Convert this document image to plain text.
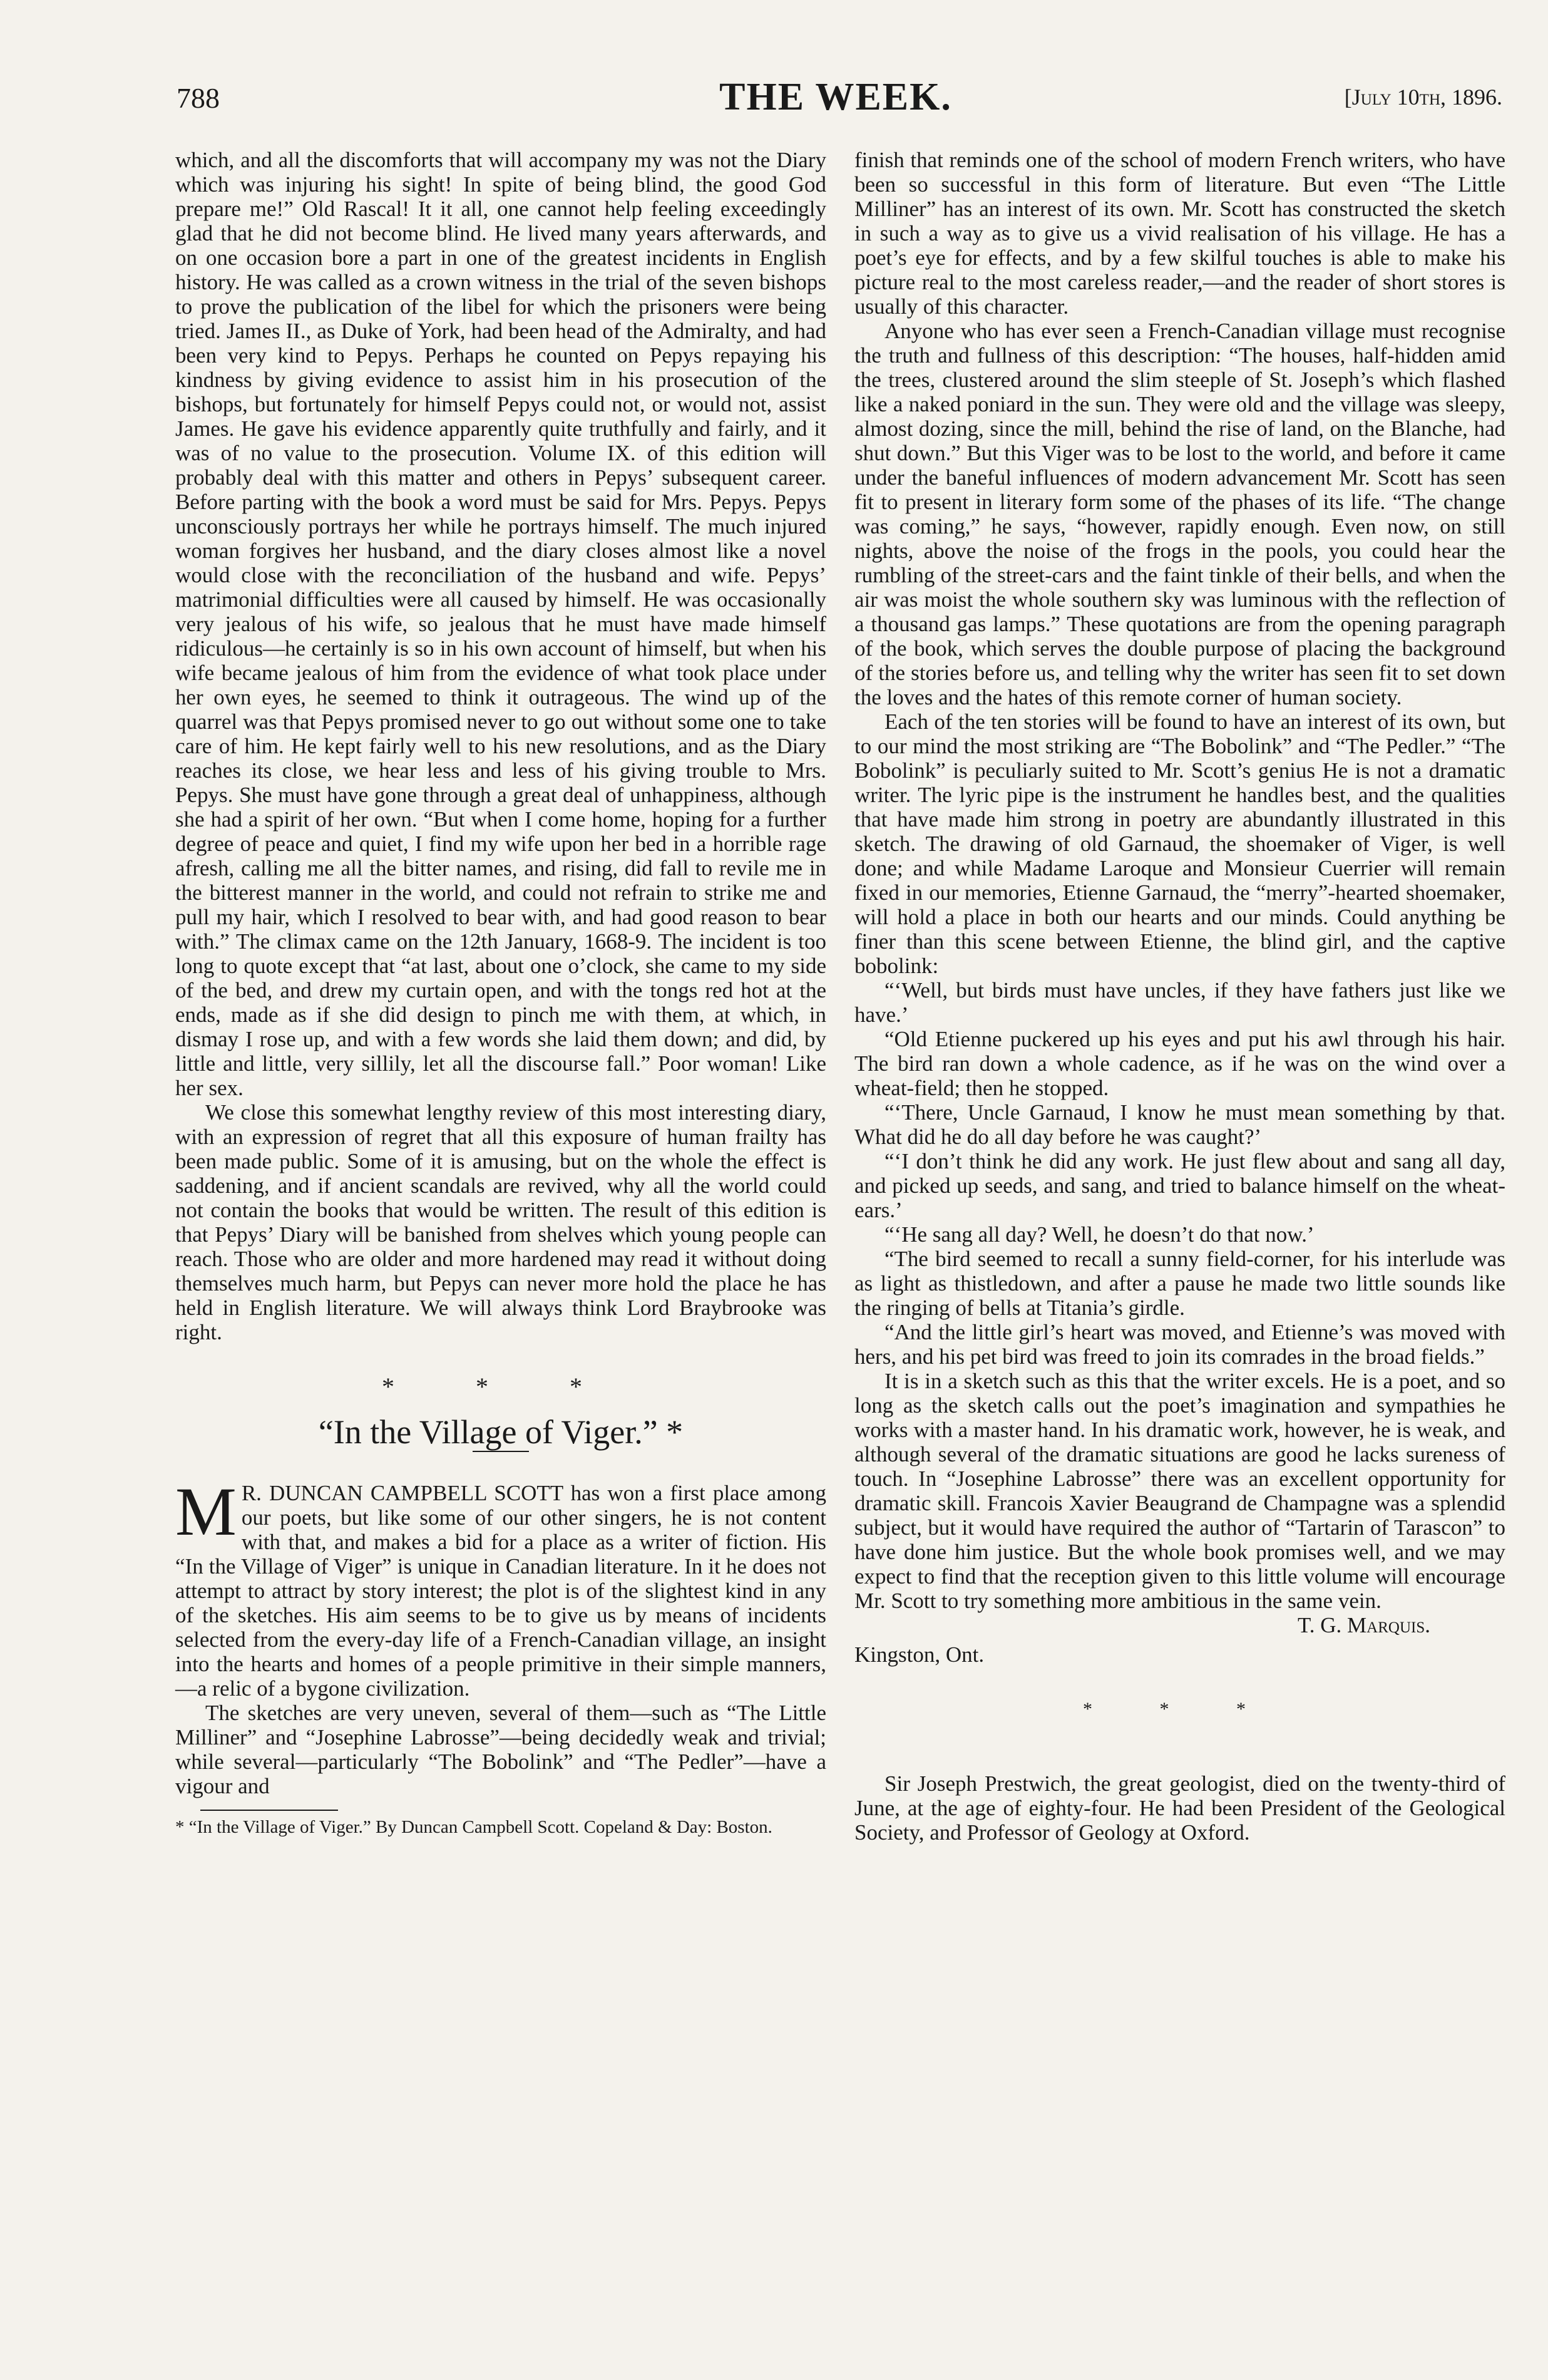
788	THE WEEK.	[July 10th, 1896.

which, and all the discomforts that will accompany my was not the Diary which was injuring his sight! In spite of being blind, the good God prepare me!” Old Rascal! It it all, one cannot help feeling exceedingly glad that he did not become blind. He lived many years afterwards, and on one occasion bore a part in one of the greatest incidents in English history. He was called as a crown witness in the trial of the seven bishops to prove the publication of the libel for which the prisoners were being tried. James II., as Duke of York, had been head of the Admiralty, and had been very kind to Pepys. Perhaps he counted on Pepys repaying his kindness by giving evidence to assist him in his prosecution of the bishops, but fortunately for himself Pepys could not, or would not, assist James. He gave his evidence apparently quite truthfully and fairly, and it was of no value to the prosecution. Volume IX. of this edition will probably deal with this matter and others in Pepys’ subsequent career. Before parting with the book a word must be said for Mrs. Pepys. Pepys unconsciously portrays her while he portrays himself. The much injured woman forgives her husband, and the diary closes almost like a novel would close with the reconciliation of the husband and wife. Pepys’ matrimonial difficulties were all caused by himself. He was occasionally very jealous of his wife, so jealous that he must have made himself ridiculous—he certainly is so in his own account of himself, but when his wife became jealous of him from the evidence of what took place under her own eyes, he seemed to think it outrageous. The wind up of the quarrel was that Pepys promised never to go out without some one to take care of him. He kept fairly well to his new resolutions, and as the Diary reaches its close, we hear less and less of his giving trouble to Mrs. Pepys. She must have gone through a great deal of unhappiness, although she had a spirit of her own. “But when I come home, hoping for a further degree of peace and quiet, I find my wife upon her bed in a horrible rage afresh, calling me all the bitter names, and rising, did fall to revile me in the bitterest manner in the world, and could not refrain to strike me and pull my hair, which I resolved to bear with, and had good reason to bear with.” The climax came on the 12th January, 1668-9. The incident is too long to quote except that “at last, about one o’clock, she came to my side of the bed, and drew my curtain open, and with the tongs red hot at the ends, made as if she did design to pinch me with them, at which, in dismay I rose up, and with a few words she laid them down; and did, by little and little, very sillily, let all the discourse fall.” Poor woman! Like her sex.

We close this somewhat lengthy review of this most interesting diary, with an expression of regret that all this exposure of human frailty has been made public. Some of it is amusing, but on the whole the effect is saddening, and if ancient scandals are revived, why all the world could not contain the books that would be written. The result of this edition is that Pepys’ Diary will be banished from shelves which young people can reach. Those who are older and more hardened may read it without doing themselves much harm, but Pepys can never more hold the place he has held in English literature. We will always think Lord Braybrooke was right.

* * *
“In the Village of Viger.” *

M R. DUNCAN CAMPBELL SCOTT has won a first place among our poets, but like some of our other singers, he is not content with that, and makes a bid for a place as a writer of fiction. His “In the Village of Viger” is unique in Canadian literature. In it he does not attempt to attract by story interest; the plot is of the slightest kind in any of the sketches. His aim seems to be to give us by means of incidents selected from the every-day life of a French-Canadian village, an insight into the hearts and homes of a people primitive in their simple manners,—a relic of a bygone civilization.

The sketches are very uneven, several of them—such as “The Little Milliner” and “Josephine Labrosse”—being decidedly weak and trivial; while several—particularly “The Bobolink” and “The Pedler”—have a vigour and

* “In the Village of Viger.” By Duncan Campbell Scott. Copeland & Day: Boston.

finish that reminds one of the school of modern French writers, who have been so successful in this form of literature. But even “The Little Milliner” has an interest of its own. Mr. Scott has constructed the sketch in such a way as to give us a vivid realisation of his village. He has a poet’s eye for effects, and by a few skilful touches is able to make his picture real to the most careless reader,—and the reader of short stores is usually of this character.

Anyone who has ever seen a French-Canadian village must recognise the truth and fullness of this description: “The houses, half-hidden amid the trees, clustered around the slim steeple of St. Joseph’s which flashed like a naked poniard in the sun. They were old and the village was sleepy, almost dozing, since the mill, behind the rise of land, on the Blanche, had shut down.” But this Viger was to be lost to the world, and before it came under the baneful influences of modern advancement Mr. Scott has seen fit to present in literary form some of the phases of its life. “The change was coming,” he says, “however, rapidly enough. Even now, on still nights, above the noise of the frogs in the pools, you could hear the rumbling of the street-cars and the faint tinkle of their bells, and when the air was moist the whole southern sky was luminous with the reflection of a thousand gas lamps.” These quotations are from the opening paragraph of the book, which serves the double purpose of placing the background of the stories before us, and telling why the writer has seen fit to set down the loves and the hates of this remote corner of human society.

Each of the ten stories will be found to have an interest of its own, but to our mind the most striking are “The Bobolink” and “The Pedler.” “The Bobolink” is peculiarly suited to Mr. Scott’s genius He is not a dramatic writer. The lyric pipe is the instrument he handles best, and the qualities that have made him strong in poetry are abundantly illustrated in this sketch. The drawing of old Garnaud, the shoemaker of Viger, is well done; and while Madame Laroque and Monsieur Cuerrier will remain fixed in our memories, Etienne Garnaud, the “merry”-hearted shoemaker, will hold a place in both our hearts and our minds. Could anything be finer than this scene between Etienne, the blind girl, and the captive bobolink:

“‘Well, but birds must have uncles, if they have fathers just like we have.’

“Old Etienne puckered up his eyes and put his awl through his hair. The bird ran down a whole cadence, as if he was on the wind over a wheat-field; then he stopped.

“‘There, Uncle Garnaud, I know he must mean something by that. What did he do all day before he was caught?’

“‘I don’t think he did any work. He just flew about and sang all day, and picked up seeds, and sang, and tried to balance himself on the wheat-ears.’

“‘He sang all day? Well, he doesn’t do that now.’

“The bird seemed to recall a sunny field-corner, for his interlude was as light as thistledown, and after a pause he made two little sounds like the ringing of bells at Titania’s girdle.

“And the little girl’s heart was moved, and Etienne’s was moved with hers, and his pet bird was freed to join its comrades in the broad fields.”

It is in a sketch such as this that the writer excels. He is a poet, and so long as the sketch calls out the poet’s imagination and sympathies he works with a master hand. In his dramatic work, however, he is weak, and although several of the dramatic situations are good he lacks sureness of touch. In “Josephine Labrosse” there was an excellent opportunity for dramatic skill. Francois Xavier Beaugrand de Champagne was a splendid subject, but it would have required the author of “Tartarin of Tarascon” to have done him justice. But the whole book promises well, and we may expect to find that the reception given to this little volume will encourage Mr. Scott to try something more ambitious in the same vein.

T. G. Marquis.

Kingston, Ont.

* * *

Sir Joseph Prestwich, the great geologist, died on the twenty-third of June, at the age of eighty-four. He had been President of the Geological Society, and Professor of Geology at Oxford.
